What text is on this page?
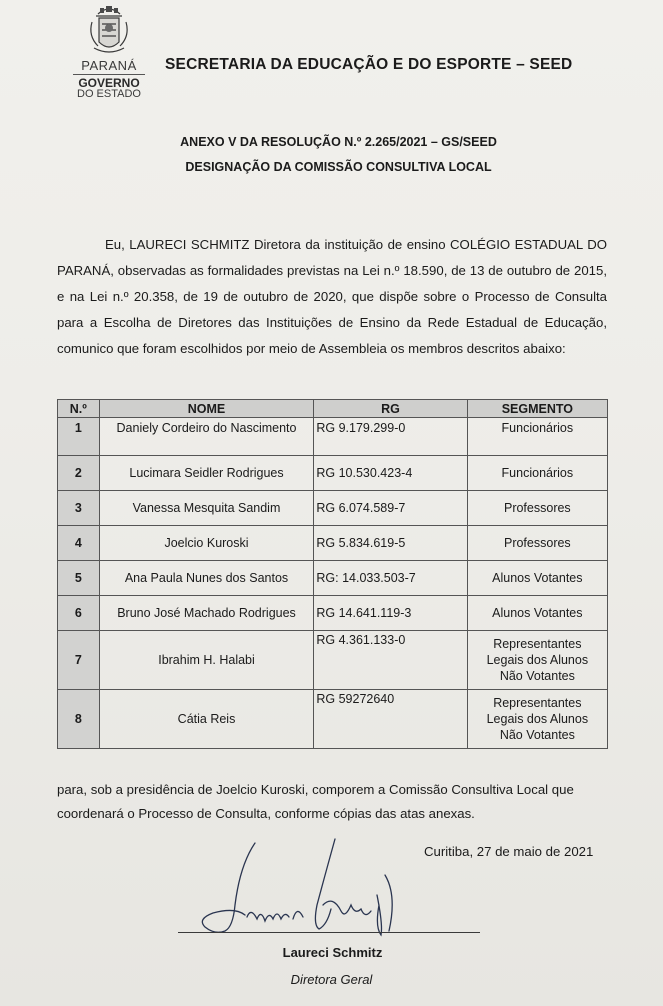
PARANÁ
GOVERNO
DO ESTADO
SECRETARIA DA EDUCAÇÃO E DO ESPORTE – SEED
ANEXO V DA RESOLUÇÃO N.º 2.265/2021 – GS/SEED
DESIGNAÇÃO DA COMISSÃO CONSULTIVA LOCAL
Eu, LAURECI SCHMITZ Diretora da instituição de ensino COLÉGIO ESTADUAL DO PARANÁ, observadas as formalidades previstas na Lei n.º 18.590, de 13 de outubro de 2015, e na Lei n.º 20.358, de 19 de outubro de 2020, que dispõe sobre o Processo de Consulta para a Escolha de Diretores das Instituições de Ensino da Rede Estadual de Educação, comunico que foram escolhidos por meio de Assembleia os membros descritos abaixo:
N.º	NOME	RG	SEGMENTO
1	Daniely Cordeiro do Nascimento	RG 9.179.299-0	Funcionários
2	Lucimara Seidler Rodrigues	RG 10.530.423-4	Funcionários
3	Vanessa Mesquita Sandim	RG 6.074.589-7	Professores
4	Joelcio Kuroski	RG 5.834.619-5	Professores
5	Ana Paula Nunes dos Santos	RG: 14.033.503-7	Alunos Votantes
6	Bruno José Machado Rodrigues	RG 14.641.119-3	Alunos Votantes
7	Ibrahim H. Halabi	RG 4.361.133-0	Representantes
Legais dos Alunos
Não Votantes

8	Cátia Reis	RG 59272640	Representantes
Legais dos Alunos
Não Votantes
para, sob a presidência de Joelcio Kuroski, comporem a Comissão Consultiva Local que coordenará o Processo de Consulta, conforme cópias das atas anexas.
Curitiba, 27 de maio de 2021
Laureci Schmitz
Diretora Geral
